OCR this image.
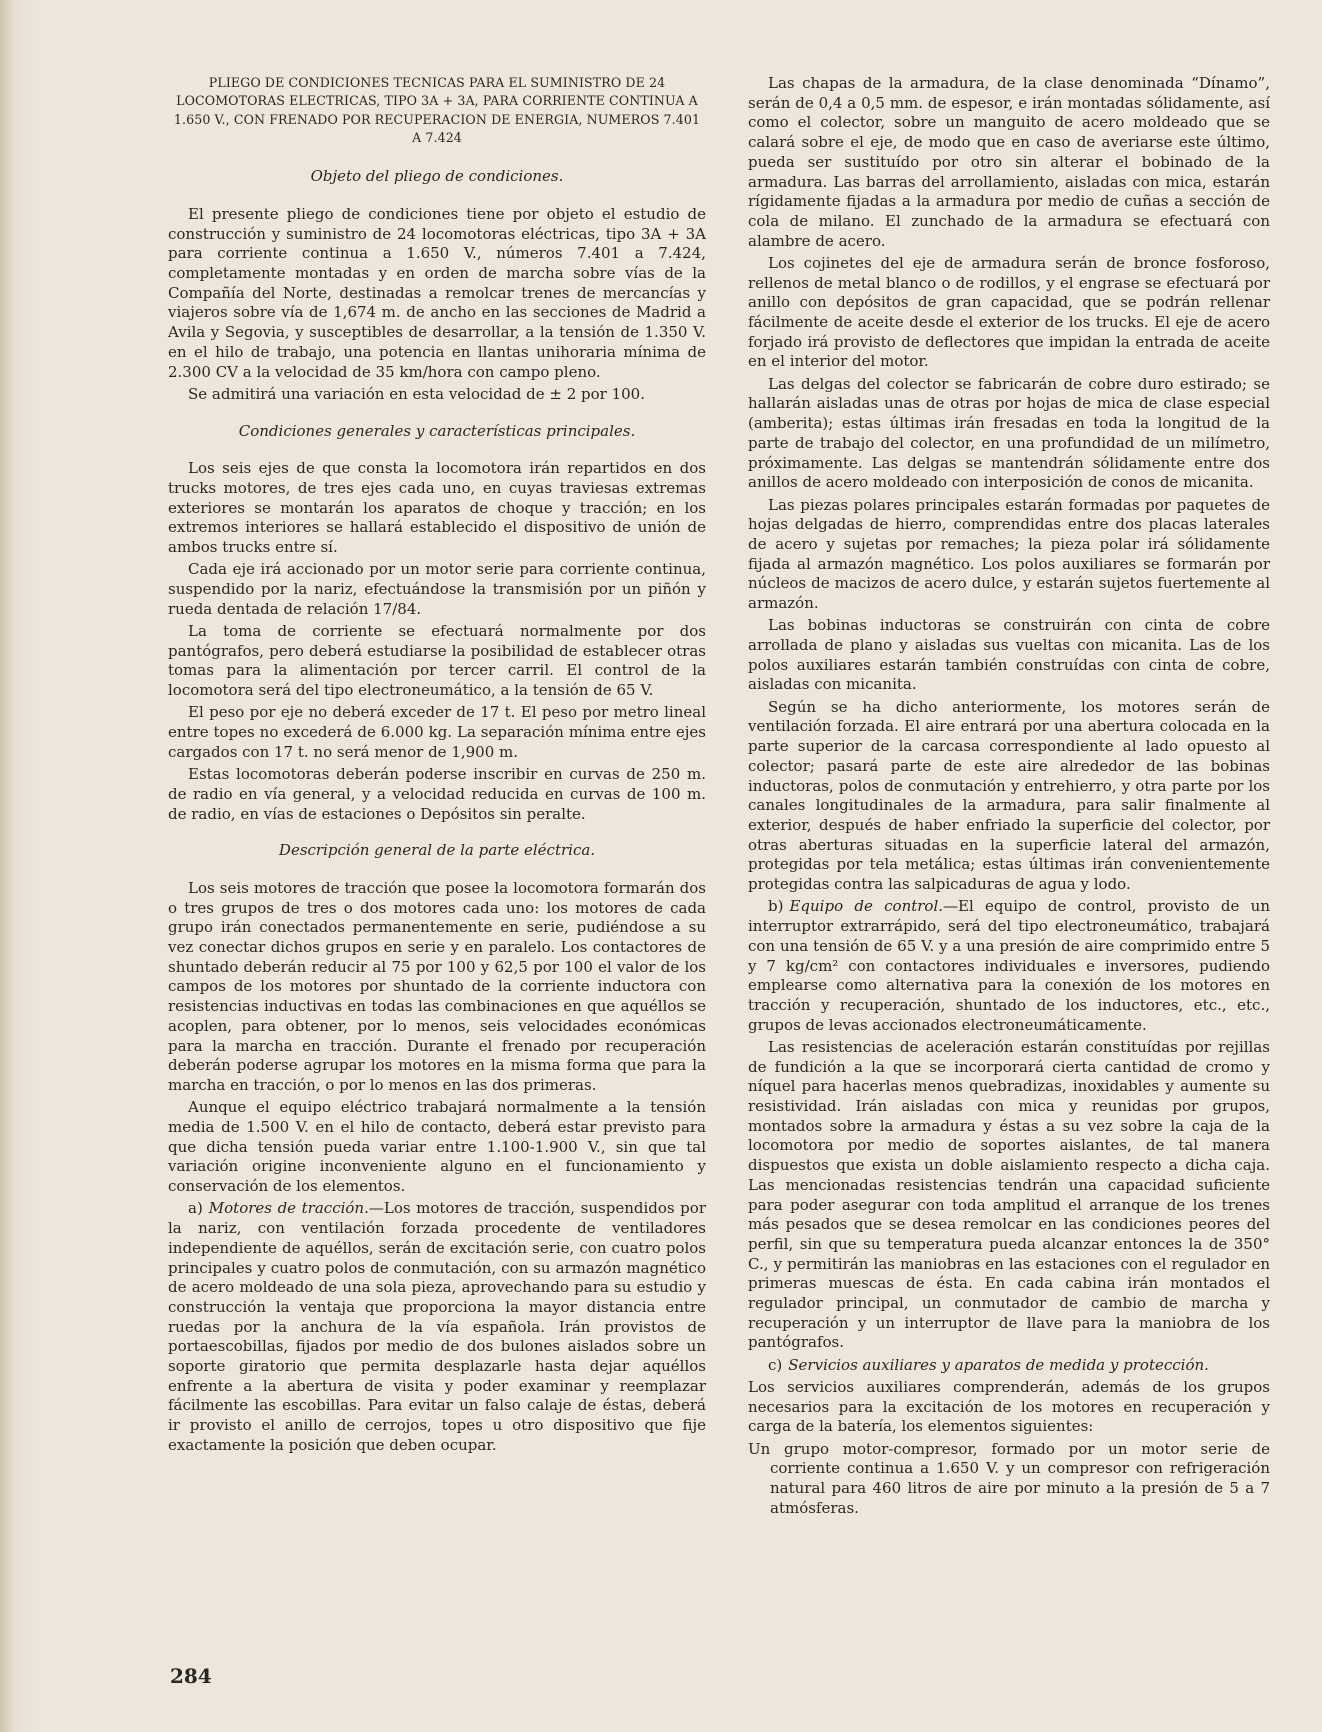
PLIEGO DE CONDICIONES TECNICAS PARA EL SUMINISTRO DE 24 LOCOMOTORAS ELECTRICAS, TIPO 3A + 3A, PARA CORRIENTE CONTINUA A 1.650 V., CON FRENADO POR RECUPERACION DE ENERGIA, NUMEROS 7.401 A 7.424
Objeto del pliego de condiciones.

El presente pliego de condiciones tiene por objeto el estudio de construcción y suministro de 24 locomotoras eléctricas, tipo 3A + 3A para corriente continua a 1.650 V., números 7.401 a 7.424, completamente montadas y en orden de marcha sobre vías de la Compañía del Norte, destinadas a remolcar trenes de mercancías y viajeros sobre vía de 1,674 m. de ancho en las secciones de Madrid a Avila y Segovia, y susceptibles de desarrollar, a la tensión de 1.350 V. en el hilo de trabajo, una potencia en llantas unihoraria mínima de 2.300 CV a la velocidad de 35 km/hora con campo pleno.

Se admitirá una variación en esta velocidad de ± 2 por 100.

Condiciones generales y características principales.

Los seis ejes de que consta la locomotora irán repartidos en dos trucks motores, de tres ejes cada uno, en cuyas traviesas extremas exteriores se montarán los aparatos de choque y tracción; en los extremos interiores se hallará establecido el dispositivo de unión de ambos trucks entre sí.

Cada eje irá accionado por un motor serie para corriente continua, suspendido por la nariz, efectuándose la transmisión por un piñón y rueda dentada de relación 17/84.

La toma de corriente se efectuará normalmente por dos pantógrafos, pero deberá estudiarse la posibilidad de establecer otras tomas para la alimentación por tercer carril. El control de la locomotora será del tipo electroneumático, a la tensión de 65 V.

El peso por eje no deberá exceder de 17 t. El peso por metro lineal entre topes no excederá de 6.000 kg. La separación mínima entre ejes cargados con 17 t. no será menor de 1,900 m.

Estas locomotoras deberán poderse inscribir en curvas de 250 m. de radio en vía general, y a velocidad reducida en curvas de 100 m. de radio, en vías de estaciones o Depósitos sin peralte.

Descripción general de la parte eléctrica.

Los seis motores de tracción que posee la locomotora formarán dos o tres grupos de tres o dos motores cada uno: los motores de cada grupo irán conectados permanentemente en serie, pudiéndose a su vez conectar dichos grupos en serie y en paralelo. Los contactores de shuntado deberán reducir al 75 por 100 y 62,5 por 100 el valor de los campos de los motores por shuntado de la corriente inductora con resistencias inductivas en todas las combinaciones en que aquéllos se acoplen, para obtener, por lo menos, seis velocidades económicas para la marcha en tracción. Durante el frenado por recuperación deberán poderse agrupar los motores en la misma forma que para la marcha en tracción, o por lo menos en las dos primeras.

Aunque el equipo eléctrico trabajará normalmente a la tensión media de 1.500 V. en el hilo de contacto, deberá estar previsto para que dicha tensión pueda variar entre 1.100-1.900 V., sin que tal variación origine inconveniente alguno en el funcionamiento y conservación de los elementos.

a) Motores de tracción.—Los motores de tracción, suspendidos por la nariz, con ventilación forzada procedente de ventiladores independiente de aquéllos, serán de excitación serie, con cuatro polos principales y cuatro polos de conmutación, con su armazón magnético de acero moldeado de una sola pieza, aprovechando para su estudio y construcción la ventaja que proporciona la mayor distancia entre ruedas por la anchura de la vía española. Irán provistos de portaescobillas, fijados por medio de dos bulones aislados sobre un soporte giratorio que permita desplazarle hasta dejar aquéllos enfrente a la abertura de visita y poder examinar y reemplazar fácilmente las escobillas. Para evitar un falso calaje de éstas, deberá ir provisto el anillo de cerrojos, topes u otro dispositivo que fije exactamente la posición que deben ocupar.

Las chapas de la armadura, de la clase denominada “Dínamo”, serán de 0,4 a 0,5 mm. de espesor, e irán montadas sólidamente, así como el colector, sobre un manguito de acero moldeado que se calará sobre el eje, de modo que en caso de averiarse este último, pueda ser sustituído por otro sin alterar el bobinado de la armadura. Las barras del arrollamiento, aisladas con mica, estarán rígidamente fijadas a la armadura por medio de cuñas a sección de cola de milano. El zunchado de la armadura se efectuará con alambre de acero.

Los cojinetes del eje de armadura serán de bronce fosforoso, rellenos de metal blanco o de rodillos, y el engrase se efectuará por anillo con depósitos de gran capacidad, que se podrán rellenar fácilmente de aceite desde el exterior de los trucks. El eje de acero forjado irá provisto de deflectores que impidan la entrada de aceite en el interior del motor.

Las delgas del colector se fabricarán de cobre duro estirado; se hallarán aisladas unas de otras por hojas de mica de clase especial (amberita); estas últimas irán fresadas en toda la longitud de la parte de trabajo del colector, en una profundidad de un milímetro, próximamente. Las delgas se mantendrán sólidamente entre dos anillos de acero moldeado con interposición de conos de micanita.

Las piezas polares principales estarán formadas por paquetes de hojas delgadas de hierro, comprendidas entre dos placas laterales de acero y sujetas por remaches; la pieza polar irá sólidamente fijada al armazón magnético. Los polos auxiliares se formarán por núcleos de macizos de acero dulce, y estarán sujetos fuertemente al armazón.

Las bobinas inductoras se construirán con cinta de cobre arrollada de plano y aisladas sus vueltas con micanita. Las de los polos auxiliares estarán también construídas con cinta de cobre, aisladas con micanita.

Según se ha dicho anteriormente, los motores serán de ventilación forzada. El aire entrará por una abertura colocada en la parte superior de la carcasa correspondiente al lado opuesto al colector; pasará parte de este aire alrededor de las bobinas inductoras, polos de conmutación y entrehierro, y otra parte por los canales longitudinales de la armadura, para salir finalmente al exterior, después de haber enfriado la superficie del colector, por otras aberturas situadas en la superficie lateral del armazón, protegidas por tela metálica; estas últimas irán convenientemente protegidas contra las salpicaduras de agua y lodo.

b) Equipo de control.—El equipo de control, provisto de un interruptor extrarrápido, será del tipo electroneumático, trabajará con una tensión de 65 V. y a una presión de aire comprimido entre 5 y 7 kg/cm² con contactores individuales e inversores, pudiendo emplearse como alternativa para la conexión de los motores en tracción y recuperación, shuntado de los inductores, etc., etc., grupos de levas accionados electroneumáticamente.

Las resistencias de aceleración estarán constituídas por rejillas de fundición a la que se incorporará cierta cantidad de cromo y níquel para hacerlas menos quebradizas, inoxidables y aumente su resistividad. Irán aisladas con mica y reunidas por grupos, montados sobre la armadura y éstas a su vez sobre la caja de la locomotora por medio de soportes aislantes, de tal manera dispuestos que exista un doble aislamiento respecto a dicha caja. Las mencionadas resistencias tendrán una capacidad suficiente para poder asegurar con toda amplitud el arranque de los trenes más pesados que se desea remolcar en las condiciones peores del perfil, sin que su temperatura pueda alcanzar entonces la de 350° C., y permitirán las maniobras en las estaciones con el regulador en primeras muescas de ésta. En cada cabina irán montados el regulador principal, un conmutador de cambio de marcha y recuperación y un interruptor de llave para la maniobra de los pantógrafos.

c) Servicios auxiliares y aparatos de medida y protección.

Los servicios auxiliares comprenderán, además de los grupos necesarios para la excitación de los motores en recuperación y carga de la batería, los elementos siguientes:

Un grupo motor-compresor, formado por un motor serie de corriente continua a 1.650 V. y un compresor con refrigeración natural para 460 litros de aire por minuto a la presión de 5 a 7 atmósferas.

284
